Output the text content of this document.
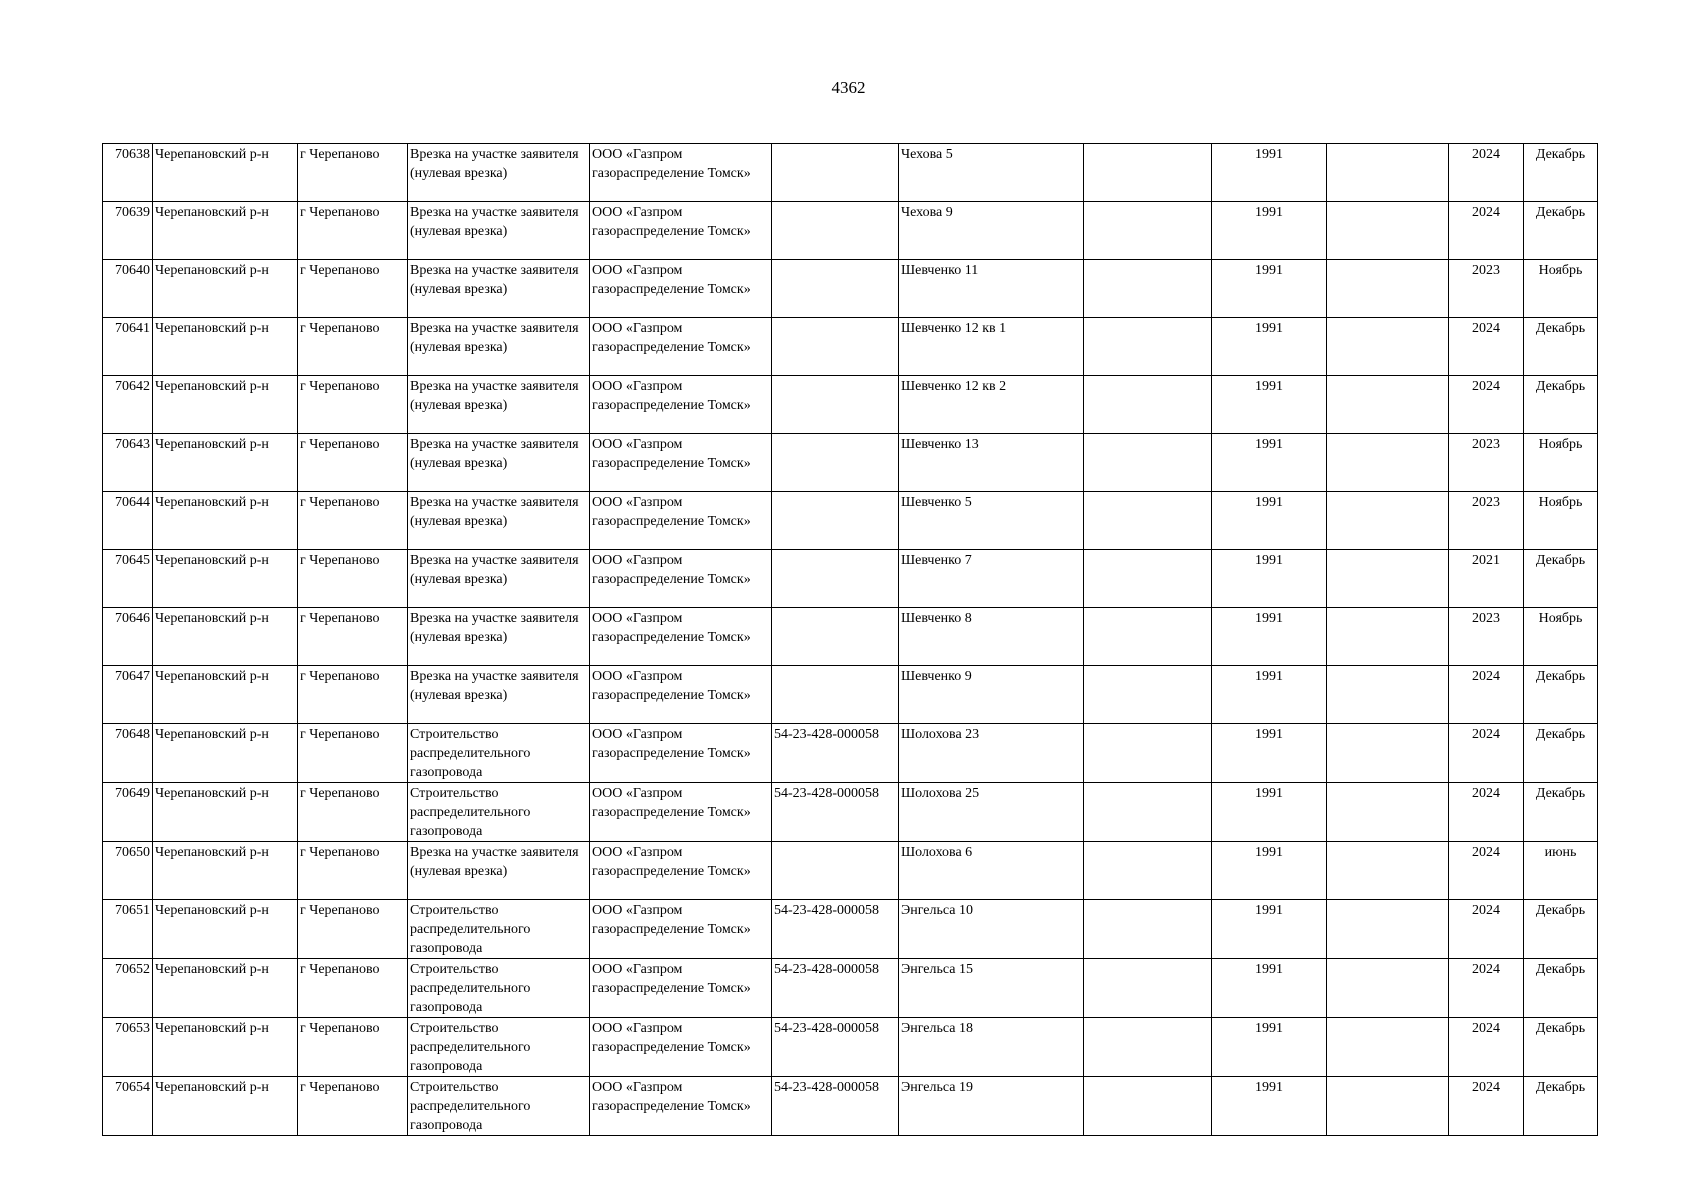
4362
70638	Черепановский р-н	г Черепаново	Врезка на участке заявителя (нулевая врезка)	ООО «Газпром газораспределение Томск»		Чехова 5		1991		2024	Декабрь
70639	Черепановский р-н	г Черепаново	Врезка на участке заявителя (нулевая врезка)	ООО «Газпром газораспределение Томск»		Чехова 9		1991		2024	Декабрь
70640	Черепановский р-н	г Черепаново	Врезка на участке заявителя (нулевая врезка)	ООО «Газпром газораспределение Томск»		Шевченко 11		1991		2023	Ноябрь
70641	Черепановский р-н	г Черепаново	Врезка на участке заявителя (нулевая врезка)	ООО «Газпром газораспределение Томск»		Шевченко 12 кв 1		1991		2024	Декабрь
70642	Черепановский р-н	г Черепаново	Врезка на участке заявителя (нулевая врезка)	ООО «Газпром газораспределение Томск»		Шевченко 12 кв 2		1991		2024	Декабрь
70643	Черепановский р-н	г Черепаново	Врезка на участке заявителя (нулевая врезка)	ООО «Газпром газораспределение Томск»		Шевченко 13		1991		2023	Ноябрь
70644	Черепановский р-н	г Черепаново	Врезка на участке заявителя (нулевая врезка)	ООО «Газпром газораспределение Томск»		Шевченко 5		1991		2023	Ноябрь
70645	Черепановский р-н	г Черепаново	Врезка на участке заявителя (нулевая врезка)	ООО «Газпром газораспределение Томск»		Шевченко 7		1991		2021	Декабрь
70646	Черепановский р-н	г Черепаново	Врезка на участке заявителя (нулевая врезка)	ООО «Газпром газораспределение Томск»		Шевченко 8		1991		2023	Ноябрь
70647	Черепановский р-н	г Черепаново	Врезка на участке заявителя (нулевая врезка)	ООО «Газпром газораспределение Томск»		Шевченко 9		1991		2024	Декабрь
70648	Черепановский р-н	г Черепаново	Строительство распределительного газопровода	ООО «Газпром газораспределение Томск»	54-23-428-000058	Шолохова 23		1991		2024	Декабрь
70649	Черепановский р-н	г Черепаново	Строительство распределительного газопровода	ООО «Газпром газораспределение Томск»	54-23-428-000058	Шолохова 25		1991		2024	Декабрь
70650	Черепановский р-н	г Черепаново	Врезка на участке заявителя (нулевая врезка)	ООО «Газпром газораспределение Томск»		Шолохова 6		1991		2024	июнь
70651	Черепановский р-н	г Черепаново	Строительство распределительного газопровода	ООО «Газпром газораспределение Томск»	54-23-428-000058	Энгельса 10		1991		2024	Декабрь
70652	Черепановский р-н	г Черепаново	Строительство распределительного газопровода	ООО «Газпром газораспределение Томск»	54-23-428-000058	Энгельса 15		1991		2024	Декабрь
70653	Черепановский р-н	г Черепаново	Строительство распределительного газопровода	ООО «Газпром газораспределение Томск»	54-23-428-000058	Энгельса 18		1991		2024	Декабрь
70654	Черепановский р-н	г Черепаново	Строительство распределительного газопровода	ООО «Газпром газораспределение Томск»	54-23-428-000058	Энгельса 19		1991		2024	Декабрь
